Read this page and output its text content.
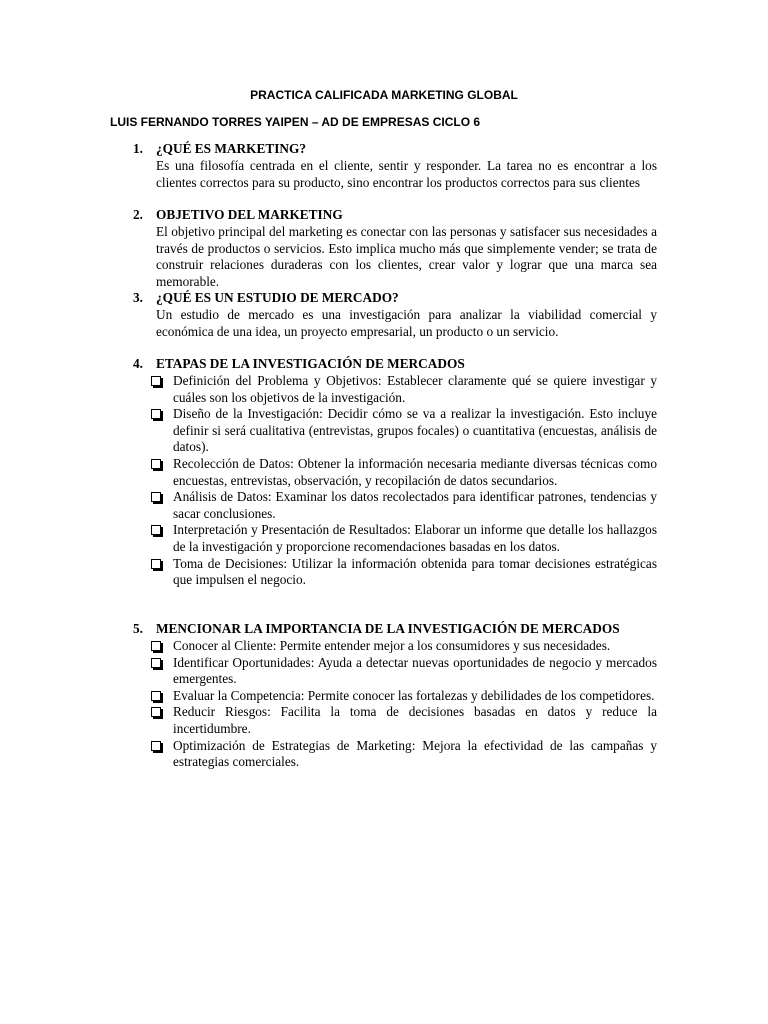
PRACTICA CALIFICADA MARKETING GLOBAL
LUIS FERNANDO TORRES YAIPEN – AD DE EMPRESAS CICLO 6
1. ¿QUÉ ES MARKETING?
Es una filosofía centrada en el cliente, sentir y responder. La tarea no es encontrar a los clientes correctos para su producto, sino encontrar los productos correctos para sus clientes
2. OBJETIVO DEL MARKETING
El objetivo principal del marketing es conectar con las personas y satisfacer sus necesidades a través de productos o servicios. Esto implica mucho más que simplemente vender; se trata de construir relaciones duraderas con los clientes, crear valor y lograr que una marca sea memorable.
3. ¿QUÉ ES UN ESTUDIO DE MERCADO?
Un estudio de mercado es una investigación para analizar la viabilidad comercial y económica de una idea, un proyecto empresarial, un producto o un servicio.
4. ETAPAS DE LA INVESTIGACIÓN DE MERCADOS
Definición del Problema y Objetivos: Establecer claramente qué se quiere investigar y cuáles son los objetivos de la investigación.
Diseño de la Investigación: Decidir cómo se va a realizar la investigación. Esto incluye definir si será cualitativa (entrevistas, grupos focales) o cuantitativa (encuestas, análisis de datos).
Recolección de Datos: Obtener la información necesaria mediante diversas técnicas como encuestas, entrevistas, observación, y recopilación de datos secundarios.
Análisis de Datos: Examinar los datos recolectados para identificar patrones, tendencias y sacar conclusiones.
Interpretación y Presentación de Resultados: Elaborar un informe que detalle los hallazgos de la investigación y proporcione recomendaciones basadas en los datos.
Toma de Decisiones: Utilizar la información obtenida para tomar decisiones estratégicas que impulsen el negocio.
5. MENCIONAR LA IMPORTANCIA DE LA INVESTIGACIÓN DE MERCADOS
Conocer al Cliente: Permite entender mejor a los consumidores y sus necesidades.
Identificar Oportunidades: Ayuda a detectar nuevas oportunidades de negocio y mercados emergentes.
Evaluar la Competencia: Permite conocer las fortalezas y debilidades de los competidores.
Reducir Riesgos: Facilita la toma de decisiones basadas en datos y reduce la incertidumbre.
Optimización de Estrategias de Marketing: Mejora la efectividad de las campañas y estrategias comerciales.
